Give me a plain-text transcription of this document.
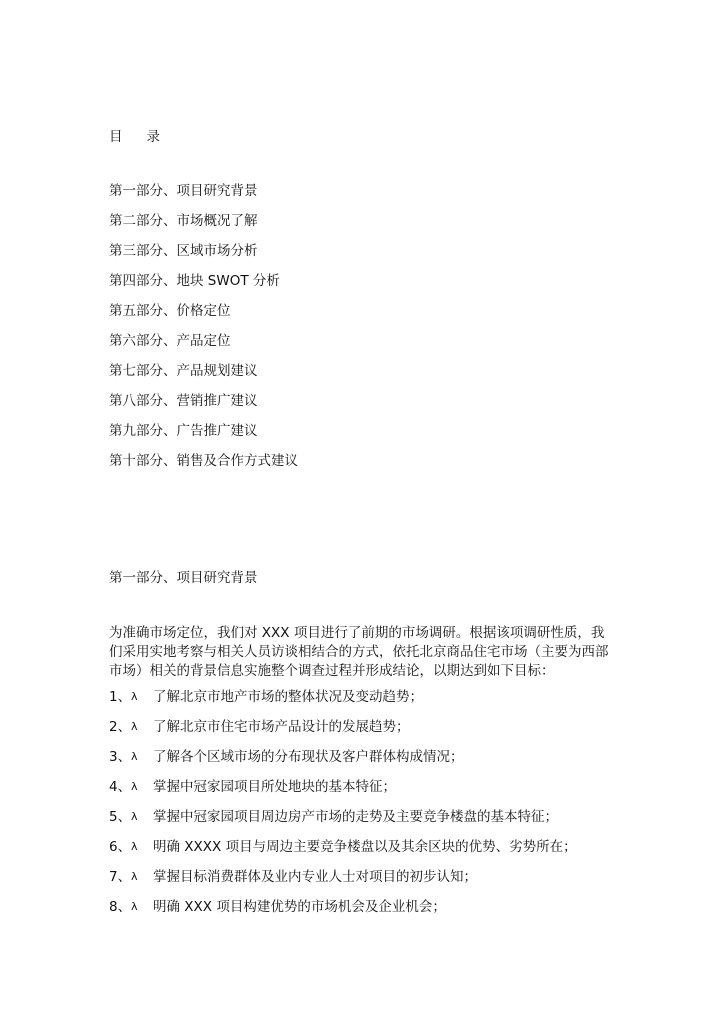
目 录
第一部分、项目研究背景
第二部分、市场概况了解
第三部分、区域市场分析
第四部分、地块 SWOT 分析
第五部分、价格定位
第六部分、产品定位
第七部分、产品规划建议
第八部分、营销推广建议
第九部分、广告推广建议
第十部分、销售及合作方式建议
第一部分、项目研究背景

为准确市场定位，我们对 XXX 项目进行了前期的市场调研。根据该项调研性质，我们采用实地考察与相关人员访谈相结合的方式，依托北京商品住宅市场（主要为西部市场）相关的背景信息实施整个调查过程并形成结论，以期达到如下目标：

1、 λ	了解北京市地产市场的整体状况及变动趋势；
2、 λ	了解北京市住宅市场产品设计的发展趋势；
3、 λ	了解各个区域市场的分布现状及客户群体构成情况；
4、 λ	掌握中冠家园项目所处地块的基本特征；
5、 λ	掌握中冠家园项目周边房产市场的走势及主要竞争楼盘的基本特征；
6、 λ	明确 XXXX 项目与周边主要竞争楼盘以及其余区块的优势、劣势所在；
7、 λ	掌握目标消费群体及业内专业人士对项目的初步认知；
8、 λ	明确 XXX 项目构建优势的市场机会及企业机会；
